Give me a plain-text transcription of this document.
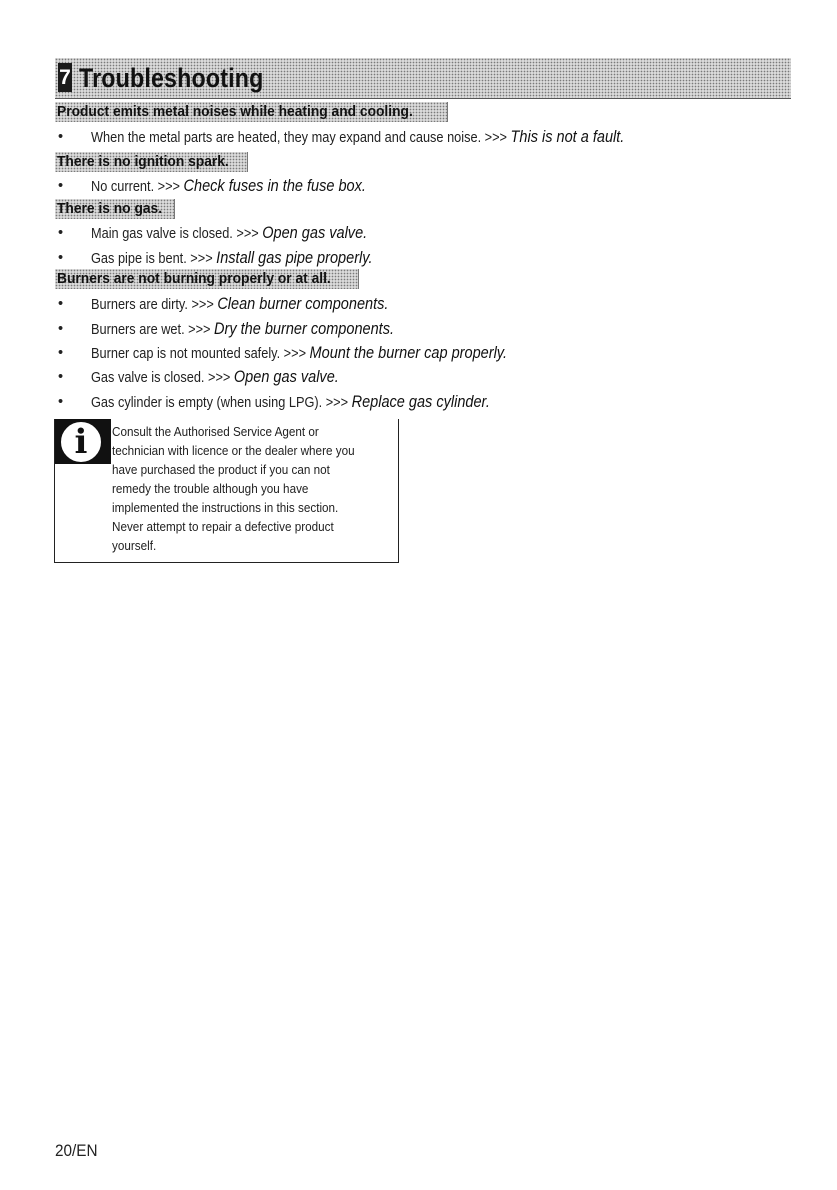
7 Troubleshooting
Product emits metal noises while heating and cooling.
•	When the metal parts are heated, they may expand and cause noise. >>> This is not a fault.
There is no ignition spark.
•	No current. >>> Check fuses in the fuse box.
There is no gas.
•	Main gas valve is closed. >>> Open gas valve.
•	Gas pipe is bent. >>> Install gas pipe properly.
Burners are not burning properly or at all.
•	Burners are dirty. >>> Clean burner components.
•	Burners are wet. >>> Dry the burner components.
•	Burner cap is not mounted safely. >>> Mount the burner cap properly.
•	Gas valve is closed. >>> Open gas valve.
•	Gas cylinder is empty (when using LPG). >>> Replace gas cylinder.
i	Consult the Authorised Service Agent or
technician with licence or the dealer where you
have purchased the product if you can not
remedy the trouble although you have
implemented the instructions in this section.
Never attempt to repair a defective product
yourself.
20/EN
